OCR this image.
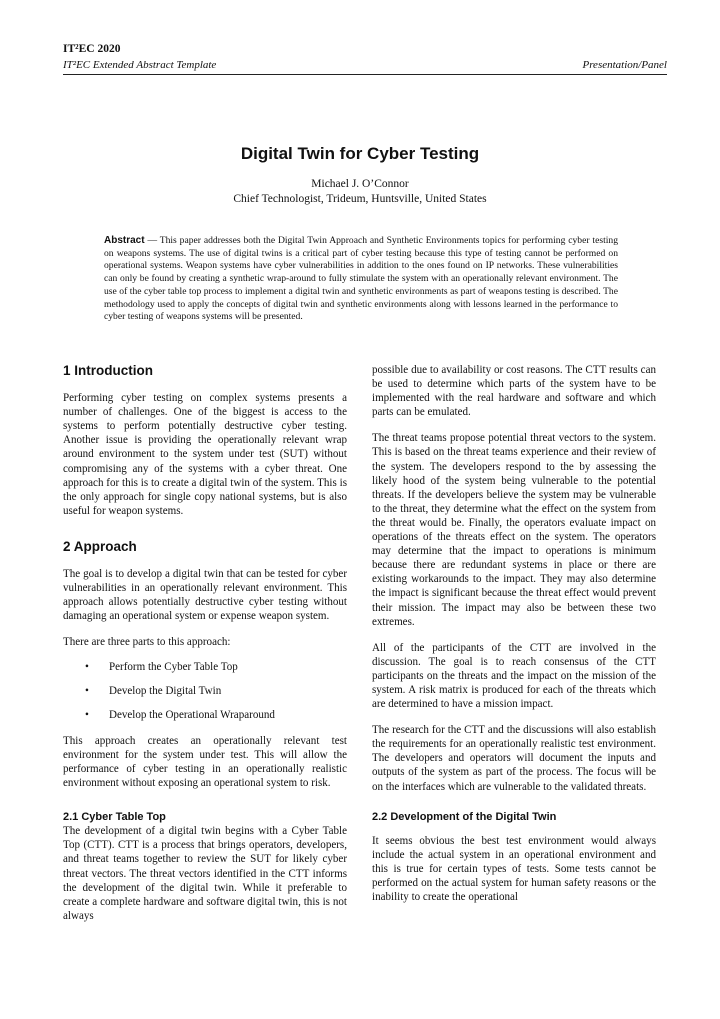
IT²EC 2020
IT²EC Extended Abstract Template	Presentation/Panel
Digital Twin for Cyber Testing
Michael J. O’Connor
Chief Technologist, Trideum, Huntsville, United States
Abstract — This paper addresses both the Digital Twin Approach and Synthetic Environments topics for performing cyber testing on weapons systems. The use of digital twins is a critical part of cyber testing because this type of testing cannot be performed on operational systems. Weapon systems have cyber vulnerabilities in addition to the ones found on IP networks. These vulnerabilities can only be found by creating a synthetic wrap-around to fully stimulate the system with an operationally relevant environment. The use of the cyber table top process to implement a digital twin and synthetic environments as part of weapons testing is described. The methodology used to apply the concepts of digital twin and synthetic environments along with lessons learned in the performance to cyber testing of weapons systems will be presented.
1 Introduction

Performing cyber testing on complex systems presents a number of challenges. One of the biggest is access to the systems to perform potentially destructive cyber testing. Another issue is providing the operationally relevant wrap around environment to the system under test (SUT) without compromising any of the systems with a cyber threat. One approach for this is to create a digital twin of the system. This is the only approach for single copy national systems, but is also useful for weapon systems.

2 Approach

The goal is to develop a digital twin that can be tested for cyber vulnerabilities in an operationally relevant environment. This approach allows potentially destructive cyber testing without damaging an operational system or expense weapon system.

There are three parts to this approach:

• Perform the Cyber Table Top
• Develop the Digital Twin
• Develop the Operational Wraparound

This approach creates an operationally relevant test environment for the system under test. This will allow the performance of cyber testing in an operationally realistic environment without exposing an operational system to risk.

2.1 Cyber Table Top

The development of a digital twin begins with a Cyber Table Top (CTT). CTT is a process that brings operators, developers, and threat teams together to review the SUT for likely cyber threat vectors. The threat vectors identified in the CTT informs the development of the digital twin. While it preferable to create a complete hardware and software digital twin, this is not always

possible due to availability or cost reasons. The CTT results can be used to determine which parts of the system have to be implemented with the real hardware and software and which parts can be emulated.

The threat teams propose potential threat vectors to the system. This is based on the threat teams experience and their review of the system. The developers respond to the by assessing the likely hood of the system being vulnerable to the potential threats. If the developers believe the system may be vulnerable to the threat, they determine what the effect on the system from the threat would be. Finally, the operators evaluate impact on operations of the threats effect on the system. The operators may determine that the impact to operations is minimum because there are redundant systems in place or there are existing workarounds to the impact. They may also determine the impact is significant because the threat effect would prevent their mission. The impact may also be between these two extremes.

All of the participants of the CTT are involved in the discussion. The goal is to reach consensus of the CTT participants on the threats and the impact on the mission of the system. A risk matrix is produced for each of the threats which are determined to have a mission impact.

The research for the CTT and the discussions will also establish the requirements for an operationally realistic test environment. The developers and operators will document the inputs and outputs of the system as part of the process. The focus will be on the interfaces which are vulnerable to the validated threats.

2.2 Development of the Digital Twin

It seems obvious the best test environment would always include the actual system in an operational environment and this is true for certain types of tests. Some tests cannot be performed on the actual system for human safety reasons or the inability to create the operational
